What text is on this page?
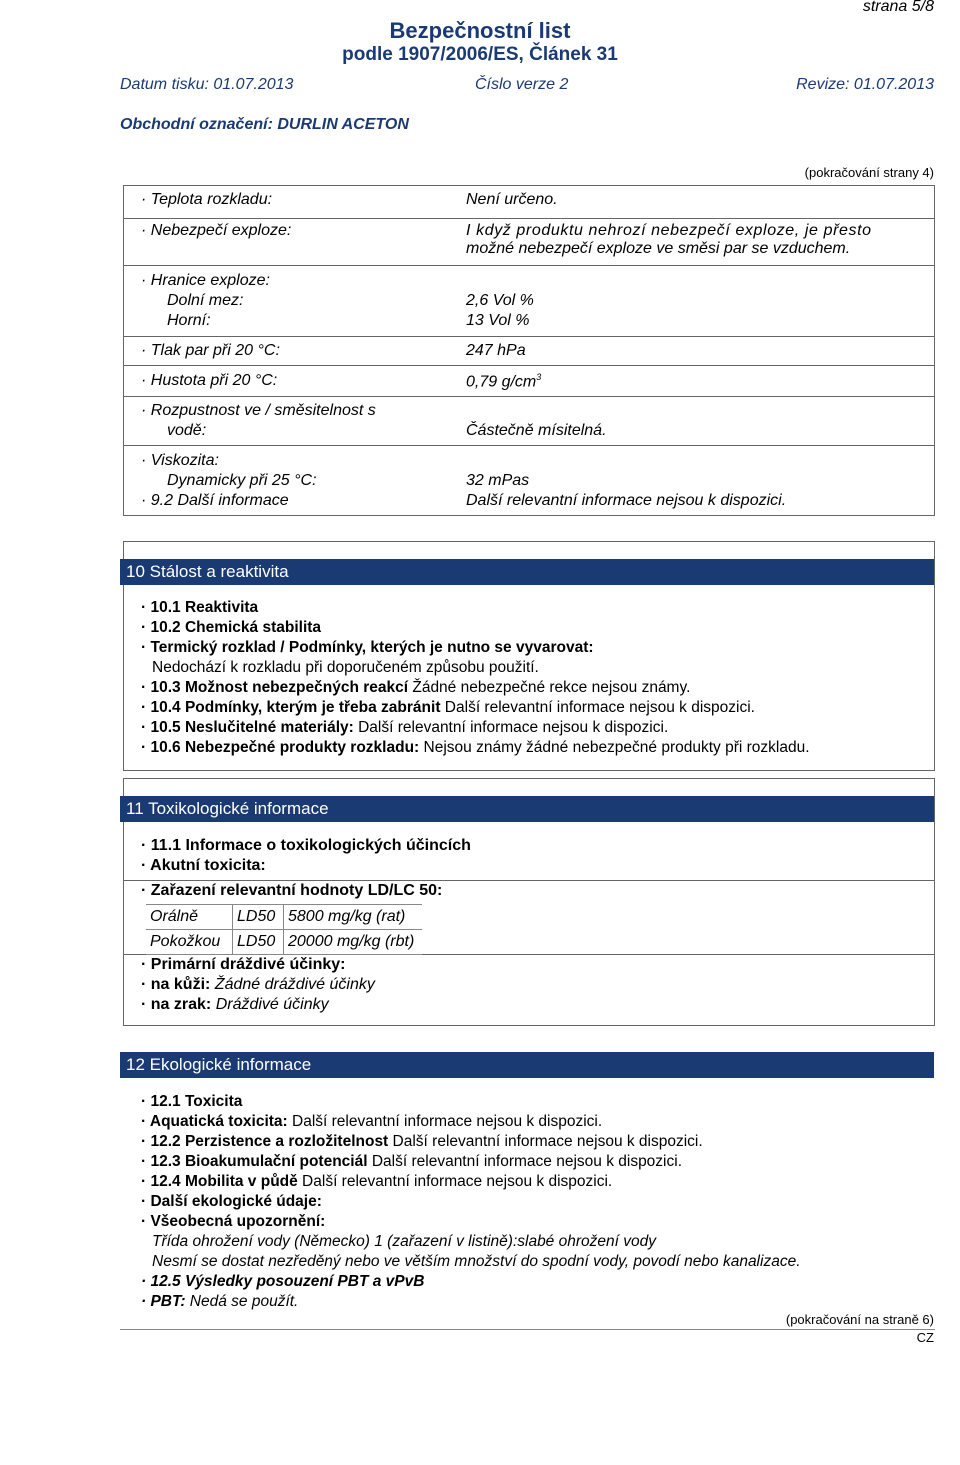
strana 5/8
Bezpečnostní list
podle 1907/2006/ES, Článek 31
Datum tisku: 01.07.2013	Číslo verze 2	Revize: 01.07.2013
Obchodní označení: DURLIN ACETON
(pokračování strany 4)
· Teplota rozkladu:	Není určeno.
· Nebezpečí exploze:	I když produktu nehrozí nebezpečí exploze, je přesto
možné nebezpečí exploze ve směsi par se vzduchem.
· Hranice exploze:
Dolní mez:	2,6 Vol %
Horní:	13 Vol %
· Tlak par při 20 °C:	247 hPa
· Hustota při 20 °C:	0,79 $g/cm^3$
· Rozpustnost ve / směsitelnost s
vodě:	Částečně mísitelná.
· Viskozita:
Dynamicky při 25 °C:	32 mPas
· 9.2 Další informace	Další relevantní informace nejsou k dispozici.
10 Stálost a reaktivita
· 10.1 Reaktivita
· 10.2 Chemická stabilita
· Termický rozklad / Podmínky, kterých je nutno se vyvarovat:
Nedochází k rozkladu při doporučeném způsobu použití.
· 10.3 Možnost nebezpečných reakcí Žádné nebezpečné rekce nejsou známy.
· 10.4 Podmínky, kterým je třeba zabránit Další relevantní informace nejsou k dispozici.
· 10.5 Neslučitelné materiály: Další relevantní informace nejsou k dispozici.
· 10.6 Nebezpečné produkty rozkladu: Nejsou známy žádné nebezpečné produkty při rozkladu.
11 Toxikologické informace
· 11.1 Informace o toxikologických účincích
· Akutní toxicita:
· Zařazení relevantní hodnoty LD/LC 50:
Orálně	LD50	5800 mg/kg (rat)
Pokožkou	LD50	20000 mg/kg (rbt)
· Primární dráždivé účinky:
· na kůži: Žádné dráždivé účinky
· na zrak: Dráždivé účinky
12 Ekologické informace
· 12.1 Toxicita
· Aquatická toxicita: Další relevantní informace nejsou k dispozici.
· 12.2 Perzistence a rozložitelnost Další relevantní informace nejsou k dispozici.
· 12.3 Bioakumulační potenciál Další relevantní informace nejsou k dispozici.
· 12.4 Mobilita v půdě Další relevantní informace nejsou k dispozici.
· Další ekologické údaje:
· Všeobecná upozornění:
Třída ohrožení vody (Německo) 1 (zařazení v listině):slabé ohrožení vody
Nesmí se dostat nezředěný nebo ve větším množství do spodní vody, povodí nebo kanalizace.
· 12.5 Výsledky posouzení PBT a vPvB
· PBT: Nedá se použít.
(pokračování na straně 6)
CZ
